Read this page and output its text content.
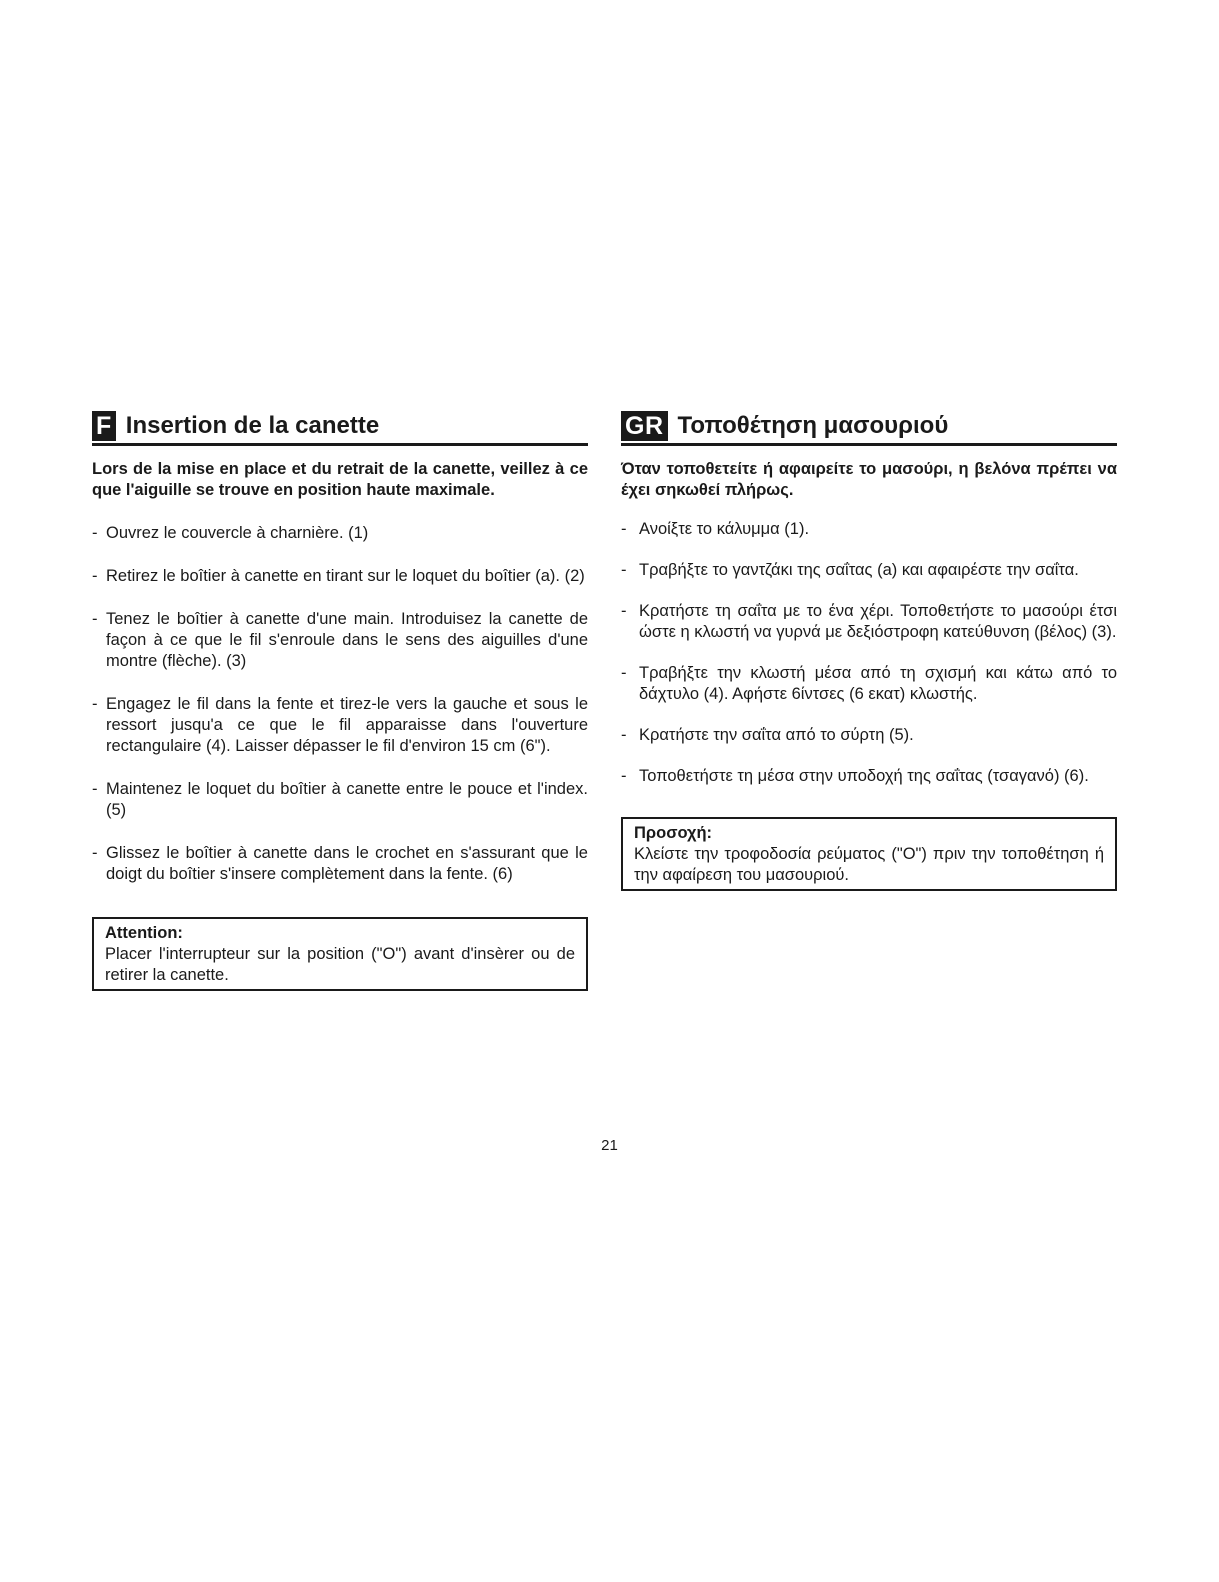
F Insertion de la canette

Lors de la mise en place et du retrait de la canette, veillez à ce que l'aiguille se trouve en position haute maximale.

- Ouvrez le couvercle à charnière. (1)
- Retirez le boîtier à canette en tirant sur le loquet du boîtier (a). (2)
- Tenez le boîtier à canette d'une main. Introduisez la canette de façon à ce que le fil s'enroule dans le sens des aiguilles d'une montre (flèche). (3)
- Engagez le fil dans la fente et tirez-le vers la gauche et sous le ressort jusqu'a ce que le fil apparaisse dans l'ouverture rectangulaire (4). Laisser dépasser le fil d'environ 15 cm (6").
- Maintenez le loquet du boîtier à canette entre le pouce et l'index. (5)
- Glissez le boîtier à canette dans le crochet en s'assurant que le doigt du boîtier s'insere complètement dans la fente. (6)
Attention:
Placer l'interrupteur sur la position ("O") avant d'insèrer ou de retirer la canette.
GR Τοποθέτηση μασουριού

Όταν τοποθετείτε ή αφαιρείτε το μασούρι, η βελόνα πρέπει να έχει σηκωθεί πλήρως.

- Ανοίξτε το κάλυμμα (1).
- Τραβήξτε το γαντζάκι της σαΐτας (a) και αφαιρέστε την σαΐτα.
- Κρατήστε τη σαΐτα με το ένα χέρι. Τοποθετήστε το μασούρι έτσι ώστε η κλωστή να γυρνά με δεξιόστροφη κατεύθυνση (βέλος) (3).
- Τραβήξτε την κλωστή μέσα από τη σχισμή και κάτω από το δάχτυλο (4). Αφήστε 6ίντσες (6 εκατ) κλωστής.
- Κρατήστε την σαΐτα από το σύρτη (5).
- Τοποθετήστε τη μέσα στην υποδοχή της σαΐτας (τσαγανό) (6).
Προσοχή:
Κλείστε την τροφοδοσία ρεύματος ("O") πριν την τοποθέτηση ή την αφαίρεση του μασουριού.
21
